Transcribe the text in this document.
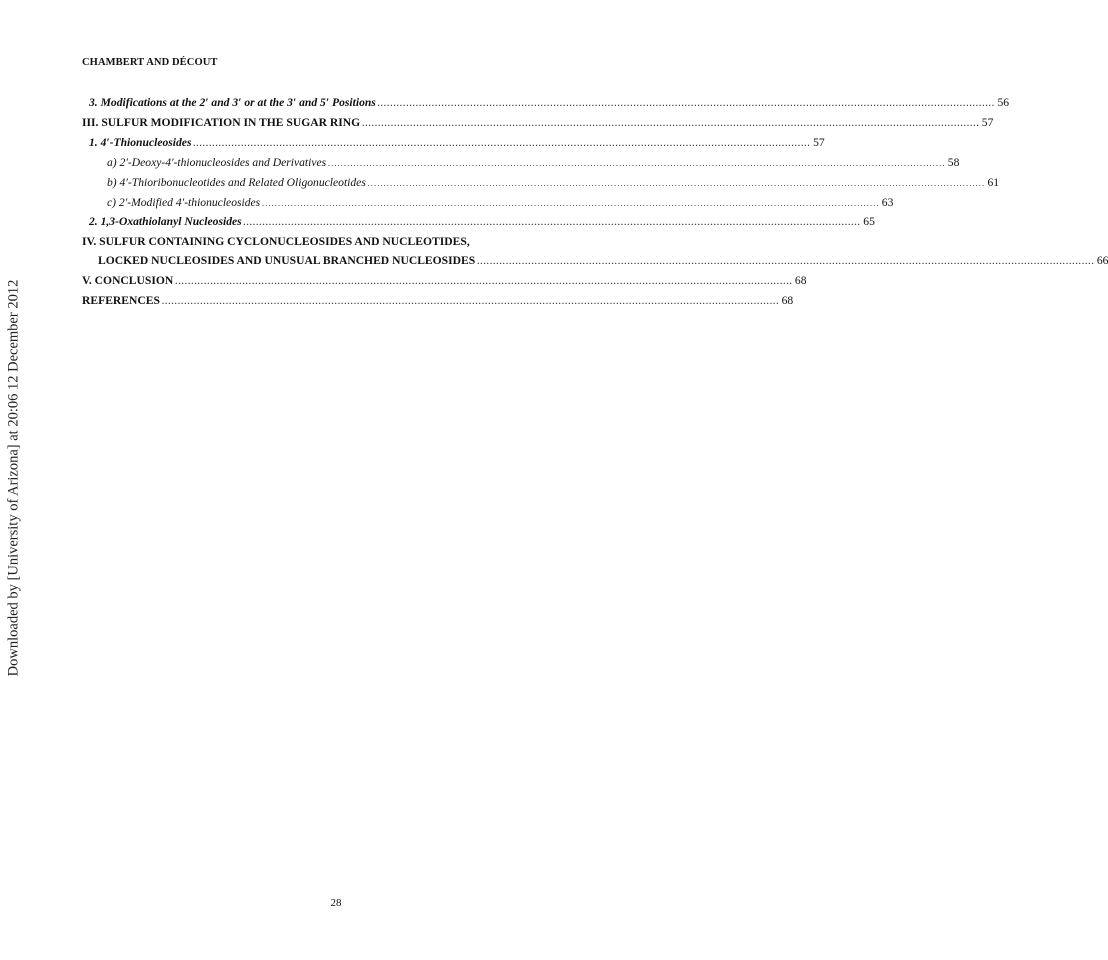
Downloaded by [University of Arizona] at 20:06 12 December 2012
CHAMBERT AND DÉCOUT
3. Modifications at the 2′ and 3′ or at the 3′ and 5′ Positions ................................................................................................................................................................................................. 56
III. SULFUR MODIFICATION IN THE SUGAR RING ................................................................................................................................................................................................. 57
1. 4′-Thionucleosides ................................................................................................................................................................................................. 57
a) 2′-Deoxy-4′-thionucleosides and Derivatives ................................................................................................................................................................................................. 58
b) 4′-Thioribonucleotides and Related Oligonucleotides ................................................................................................................................................................................................. 61
c) 2′-Modified 4′-thionucleosides ................................................................................................................................................................................................. 63
2. 1,3-Oxathiolanyl Nucleosides ................................................................................................................................................................................................. 65
IV. SULFUR CONTAINING CYCLONUCLEOSIDES AND NUCLEOTIDES,
LOCKED NUCLEOSIDES AND UNUSUAL BRANCHED NUCLEOSIDES ................................................................................................................................................................................................. 66
V. CONCLUSION ................................................................................................................................................................................................. 68
REFERENCES ................................................................................................................................................................................................. 68
28
